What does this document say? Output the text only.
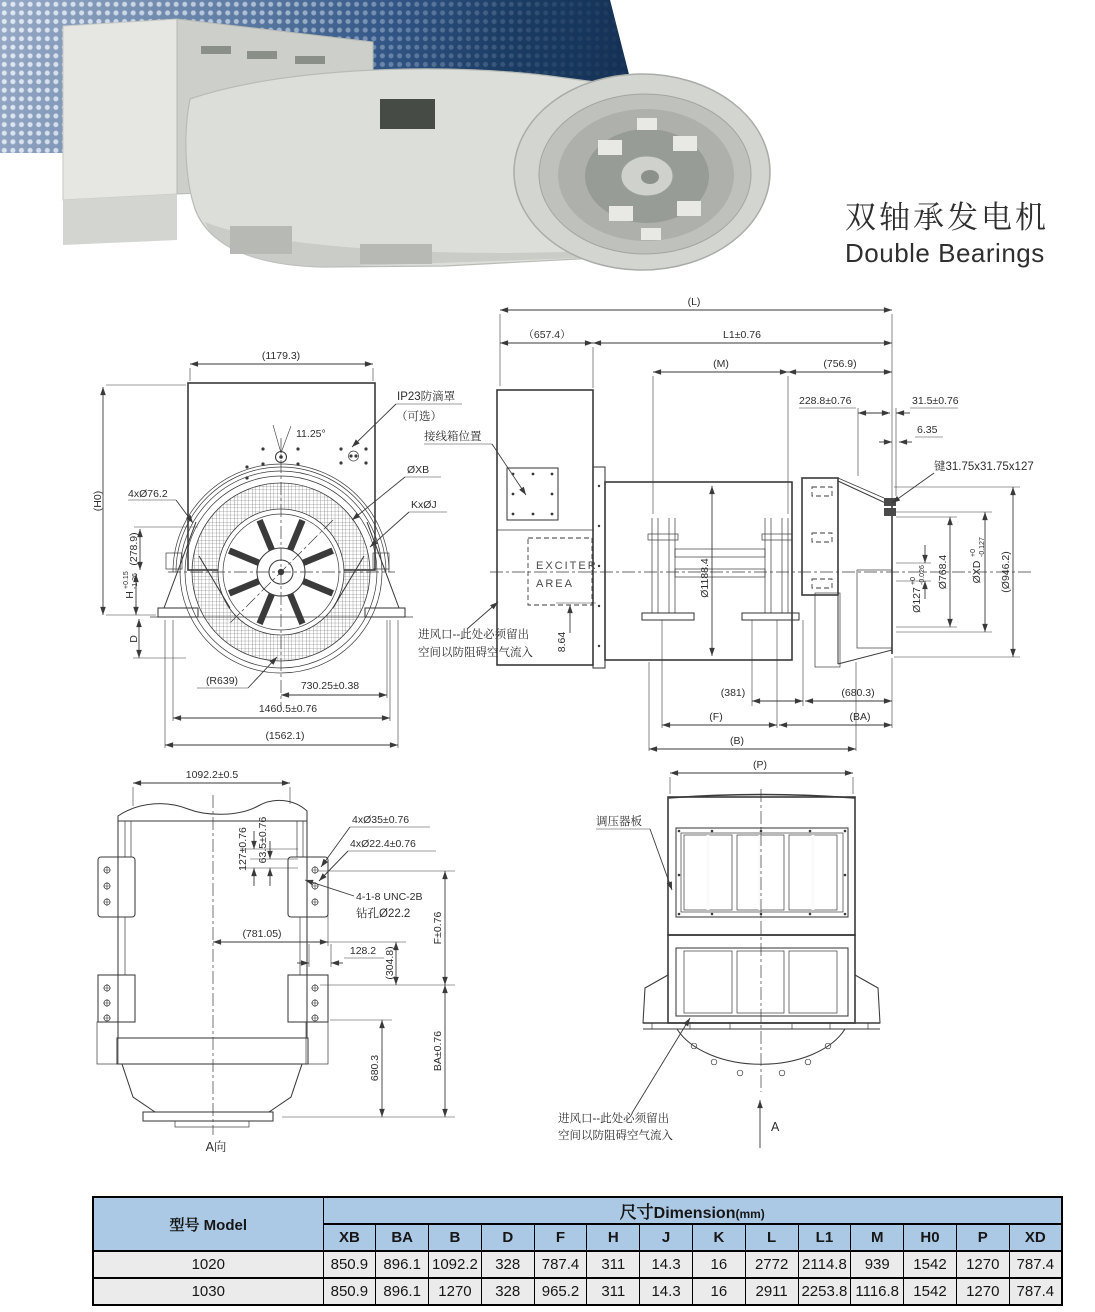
双轴承发电机
Double Bearings
(1179.3)
(H0)
11.25°
4xØ76.2
(278.9)
H
+0.15 -1.36
D
(R639)	730.25±0.38
1460.5±0.76
(1562.1)
IP23防滴罩
（可选）
接线箱位置
ØXB
KxØJ
(L)
（657.4）	L1±0.76
(M)	(756.9)
228.8±0.76	31.5±0.76
6.35
键31.75x31.75x127
Ø768.4 ØXD
+0 -0.127
(Ø946.2)
Ø127
+0 -0.026
Ø1188.4
8.64
EXCITER
AREA
(381)	(680.3)
(F)	(BA)
(B)
进风口--此处必须留出
空间以防阻碍空气流入
1092.2±0.5
127±0.76 63.5±0.76	4xØ35±0.76
4xØ22.4±0.76
4-1-8 UNC-2B
钻孔Ø22.2
(781.05)
128.2 (304.8)
F±0.76
BA±0.76
680.3
A向
(P)
调压器板
进风口--此处必须留出
空间以防阻碍空气流入
A
型号 Model	尺寸Dimension(mm)													
	XB	BA	B	D	F	H	J	K	L	L1	M	H0	P	XD
1020	850.9	896.1	1092.2	328	787.4	311	14.3	16	2772	2114.8	939	1542	1270	787.4
1030	850.9	896.1	1270	328	965.2	311	14.3	16	2911	2253.8	1116.8	1542	1270	787.4
